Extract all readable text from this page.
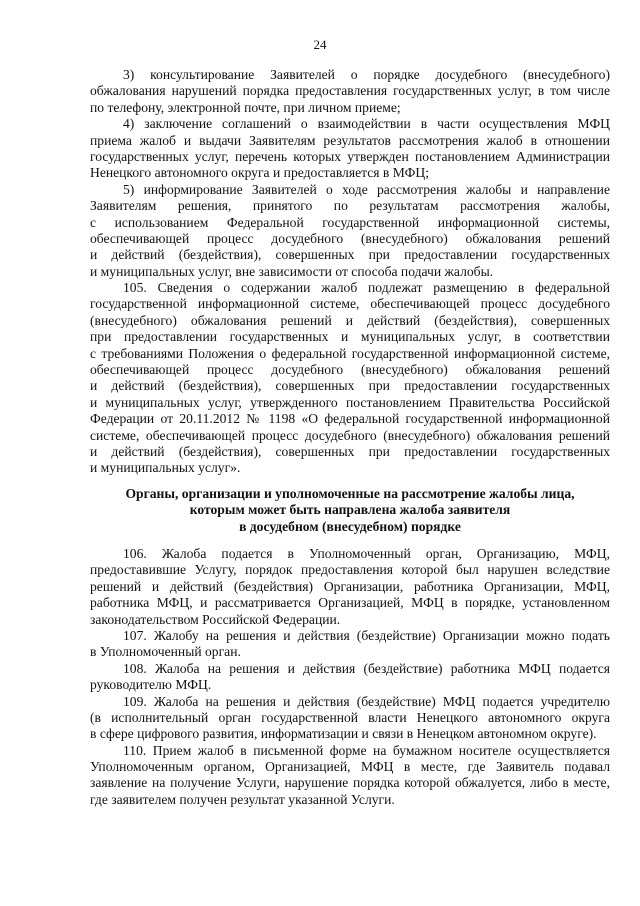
24
3) консультирование Заявителей о порядке досудебного (внесудебного)
обжалования нарушений порядка предоставления государственных услуг, в том числе
по телефону, электронной почте, при личном приеме;
4) заключение соглашений о взаимодействии в части осуществления МФЦ
приема жалоб и выдачи Заявителям результатов рассмотрения жалоб в отношении
государственных услуг, перечень которых утвержден постановлением Администрации
Ненецкого автономного округа и предоставляется в МФЦ;
5) информирование Заявителей о ходе рассмотрения жалобы и направление
Заявителям решения, принятого по результатам рассмотрения жалобы,
с использованием Федеральной государственной информационной системы,
обеспечивающей процесс досудебного (внесудебного) обжалования решений
и действий (бездействия), совершенных при предоставлении государственных
и муниципальных услуг, вне зависимости от способа подачи жалобы.
105. Сведения о содержании жалоб подлежат размещению в федеральной
государственной информационной системе, обеспечивающей процесс досудебного
(внесудебного) обжалования решений и действий (бездействия), совершенных
при предоставлении государственных и муниципальных услуг, в соответствии
с требованиями Положения о федеральной государственной информационной системе,
обеспечивающей процесс досудебного (внесудебного) обжалования решений
и действий (бездействия), совершенных при предоставлении государственных
и муниципальных услуг, утвержденного постановлением Правительства Российской
Федерации от 20.11.2012 № 1198 «О федеральной государственной информационной
системе, обеспечивающей процесс досудебного (внесудебного) обжалования решений
и действий (бездействия), совершенных при предоставлении государственных
и муниципальных услуг».
Органы, организации и уполномоченные на рассмотрение жалобы лица,
которым может быть направлена жалоба заявителя
в досудебном (внесудебном) порядке
106. Жалоба подается в Уполномоченный орган, Организацию, МФЦ,
предоставившие Услугу, порядок предоставления которой был нарушен вследствие
решений и действий (бездействия) Организации, работника Организации, МФЦ,
работника МФЦ, и рассматривается Организацией, МФЦ в порядке, установленном
законодательством Российской Федерации.
107. Жалобу на решения и действия (бездействие) Организации можно подать
в Уполномоченный орган.
108. Жалоба на решения и действия (бездействие) работника МФЦ подается
руководителю МФЦ.
109. Жалоба на решения и действия (бездействие) МФЦ подается учредителю
(в исполнительный орган государственной власти Ненецкого автономного округа
в сфере цифрового развития, информатизации и связи в Ненецком автономном округе).
110. Прием жалоб в письменной форме на бумажном носителе осуществляется
Уполномоченным органом, Организацией, МФЦ в месте, где Заявитель подавал
заявление на получение Услуги, нарушение порядка которой обжалуется, либо в месте,
где заявителем получен результат указанной Услуги.
